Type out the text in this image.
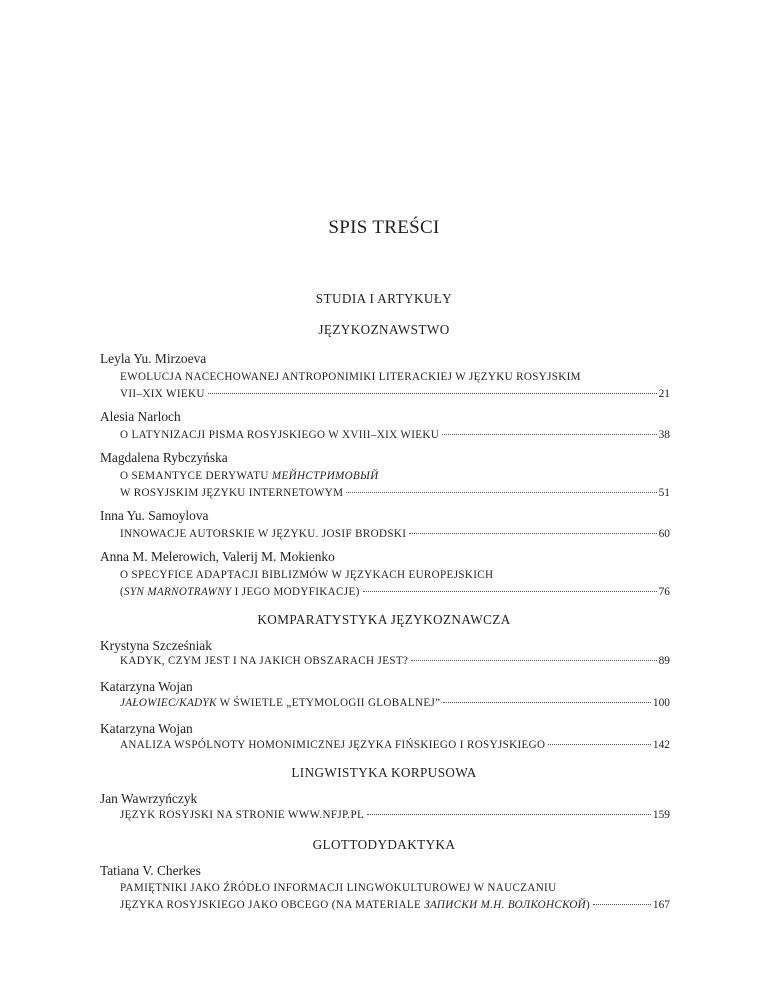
SPIS TREŚCI
STUDIA I ARTYKUŁY
JĘZYKOZNAWSTWO
Leyla Yu. Mirzoeva
EWOLUCJA NACECHOWANEJ ANTROPONIMIKI LITERACKIEJ W JĘZYKU ROSYJSKIM
VII–XIX WIEKU	21
Alesia Narloch
O LATYNIZACJI PISMA ROSYJSKIEGO W XVIII–XIX WIEKU	38
Magdalena Rybczyńska
O SEMANTYCE DERYWATU МЕЙНСТРИМОВЫЙ
W ROSYJSKIM JĘZYKU INTERNETOWYM	51
Inna Yu. Samoylova
INNOWACJE AUTORSKIE W JĘZYKU. JOSIF BRODSKI	60
Anna M. Melerowich, Valerij M. Mokienko
O SPECYFICE ADAPTACJI BIBLIZMÓW W JĘZYKACH EUROPEJSKICH
(SYN MARNOTRAWNY I JEGO MODYFIKACJE)	76
KOMPARATYSTYKA JĘZYKOZNAWCZA
Krystyna Szcześniak
KADYK, CZYM JEST I NA JAKICH OBSZARACH JEST?	89
Katarzyna Wojan
JAŁOWIEC/KADYK W ŚWIETLE „ETYMOLOGII GLOBALNEJ”	100
Katarzyna Wojan
ANALIZA WSPÓLNOTY HOMONIMICZNEJ JĘZYKA FIŃSKIEGO I ROSYJSKIEGO	142
LINGWISTYKA KORPUSOWA
Jan Wawrzyńczyk
JĘZYK ROSYJSKI NA STRONIE WWW.NFJP.PL	159
GLOTTODYDAKTYKA
Tatiana V. Cherkes
PAMIĘTNIKI JAKO ŹRÓDŁO INFORMACJI LINGWOKULTUROWEJ W NAUCZANIU
JĘZYKA ROSYJSKIEGO JAKO OBCEGO (NA MATERIALE ЗАПИСКИ М.Н. ВОЛКОНСКОЙ)	167
